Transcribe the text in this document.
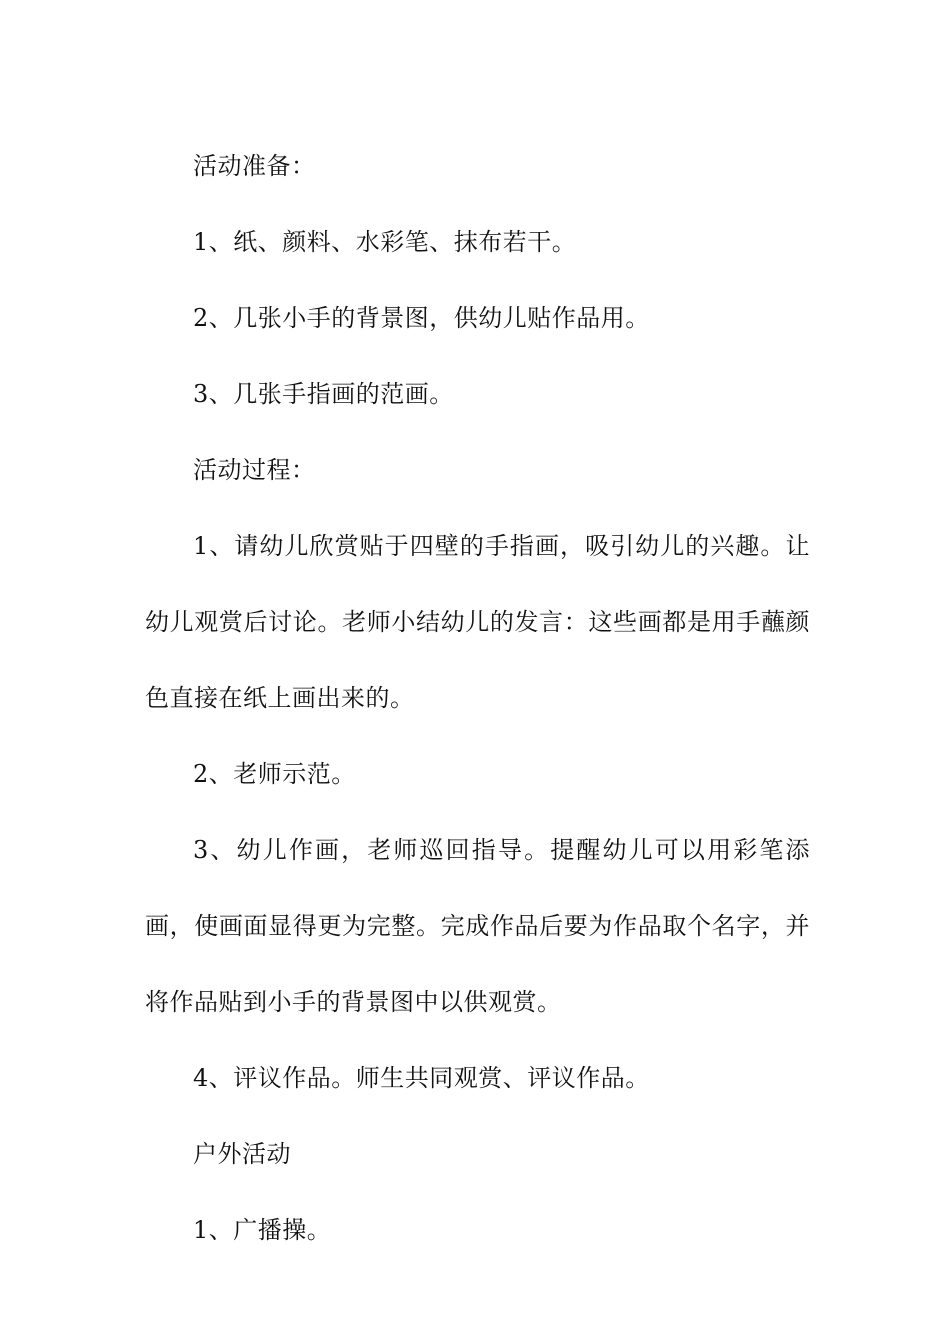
活动准备：

1、纸、颜料、水彩笔、抹布若干。

2、几张小手的背景图，供幼儿贴作品用。

3、几张手指画的范画。

活动过程：

1、请幼儿欣赏贴于四壁的手指画，吸引幼儿的兴趣。让幼儿观赏后讨论。老师小结幼儿的发言：这些画都是用手蘸颜色直接在纸上画出来的。

2、老师示范。

3、幼儿作画，老师巡回指导。提醒幼儿可以用彩笔添画，使画面显得更为完整。完成作品后要为作品取个名字，并将作品贴到小手的背景图中以供观赏。

4、评议作品。师生共同观赏、评议作品。

户外活动

1、广播操。
